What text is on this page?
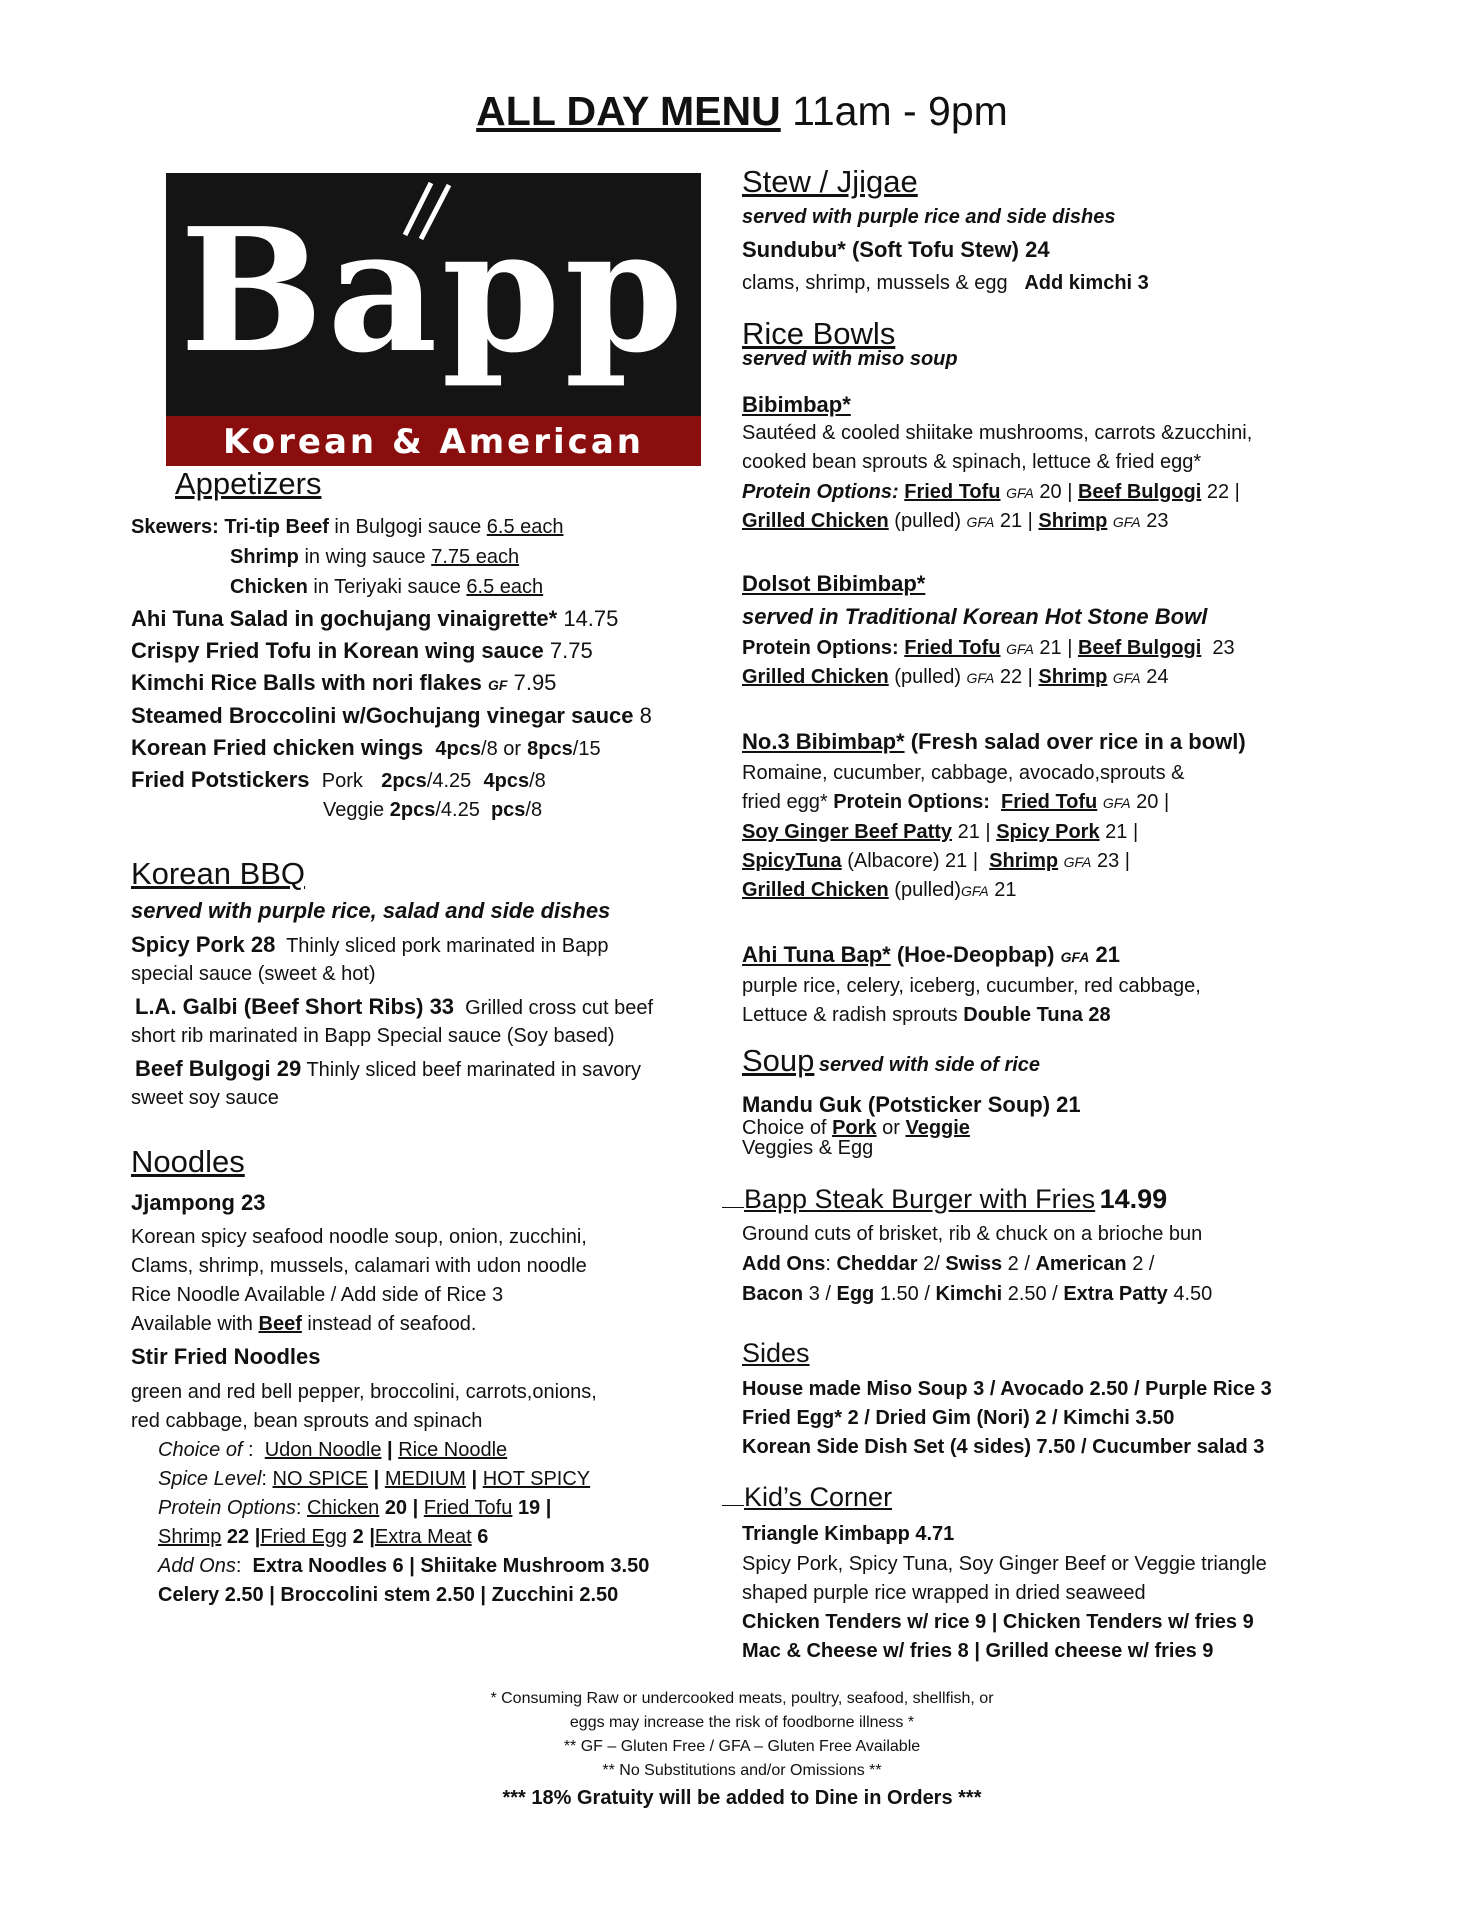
ALL DAY MENU 11am - 9pm
Bapp
Korean & American
Appetizers
Skewers: Tri-tip Beef in Bulgogi sauce 6.5 each
Shrimp in wing sauce 7.75 each
Chicken in Teriyaki sauce 6.5 each
Ahi Tuna Salad in gochujang vinaigrette* 14.75
Crispy Fried Tofu in Korean wing sauce 7.75
Kimchi Rice Balls with nori flakes GF 7.95
Steamed Broccolini w/Gochujang vinegar sauce 8
Korean Fried chicken wings 4pcs/8 or 8pcs/15
Fried Potstickers Pork 2pcs/4.25 4pcs/8
Veggie 2pcs/4.25 pcs/8
Korean BBQ
served with purple rice, salad and side dishes
Spicy Pork 28 Thinly sliced pork marinated in Bapp
special sauce (sweet & hot)
L.A. Galbi (Beef Short Ribs) 33 Grilled cross cut beef
short rib marinated in Bapp Special sauce (Soy based)
Beef Bulgogi 29 Thinly sliced beef marinated in savory
sweet soy sauce
Noodles
Jjampong 23
Korean spicy seafood noodle soup, onion, zucchini,
Clams, shrimp, mussels, calamari with udon noodle
Rice Noodle Available / Add side of Rice 3
Available with Beef instead of seafood.
Stir Fried Noodles
green and red bell pepper, broccolini, carrots,onions,
red cabbage, bean sprouts and spinach
Choice of :  Udon Noodle | Rice Noodle
Spice Level: NO SPICE | MEDIUM | HOT SPICY
Protein Options: Chicken 20 | Fried Tofu 19 |
Shrimp 22 |Fried Egg 2 |Extra Meat 6
Add Ons:  Extra Noodles 6 | Shiitake Mushroom 3.50
Celery 2.50 | Broccolini stem 2.50 | Zucchini 2.50
Stew / Jjigae
served with purple rice and side dishes
Sundubu* (Soft Tofu Stew) 24
clams, shrimp, mussels & egg Add kimchi 3
Rice Bowls
served with miso soup
Bibimbap*
Sautéed & cooled shiitake mushrooms, carrots &zucchini,
cooked bean sprouts & spinach, lettuce & fried egg*
Protein Options: Fried Tofu GFA 20 | Beef Bulgogi 22 |
Grilled Chicken (pulled) GFA 21 | Shrimp GFA 23
Dolsot Bibimbap*
served in Traditional Korean Hot Stone Bowl
Protein Options: Fried Tofu GFA 21 | Beef Bulgogi 23
Grilled Chicken (pulled) GFA 22 | Shrimp GFA 24
No.3 Bibimbap* (Fresh salad over rice in a bowl)
Romaine, cucumber, cabbage, avocado,sprouts &
fried egg* Protein Options: Fried Tofu GFA 20 |
Soy Ginger Beef Patty 21 | Spicy Pork 21 |
SpicyTuna (Albacore) 21 |  Shrimp GFA 23 |
Grilled Chicken (pulled)GFA 21
Ahi Tuna Bap* (Hoe-Deopbap) GFA 21
purple rice, celery, iceberg, cucumber, red cabbage,
Lettuce & radish sprouts Double Tuna 28
Soup served with side of rice
Mandu Guk (Potsticker Soup) 21
Choice of Pork or Veggie
Veggies & Egg
Bapp Steak Burger with Fries 14.99
Ground cuts of brisket, rib & chuck on a brioche bun
Add Ons: Cheddar 2/ Swiss 2 / American 2 /
Bacon 3 / Egg 1.50 / Kimchi 2.50 / Extra Patty 4.50
Sides
House made Miso Soup 3 / Avocado 2.50 / Purple Rice 3
Fried Egg* 2 / Dried Gim (Nori) 2 / Kimchi 3.50
Korean Side Dish Set (4 sides) 7.50 / Cucumber salad 3
Kid’s Corner
Triangle Kimbapp 4.71
Spicy Pork, Spicy Tuna, Soy Ginger Beef or Veggie triangle
shaped purple rice wrapped in dried seaweed
Chicken Tenders w/ rice 9 | Chicken Tenders w/ fries 9
Mac & Cheese w/ fries 8 | Grilled cheese w/ fries 9
* Consuming Raw or undercooked meats, poultry, seafood, shellfish, or
eggs may increase the risk of foodborne illness *
** GF – Gluten Free / GFA – Gluten Free Available
** No Substitutions and/or Omissions **
*** 18% Gratuity will be added to Dine in Orders ***
